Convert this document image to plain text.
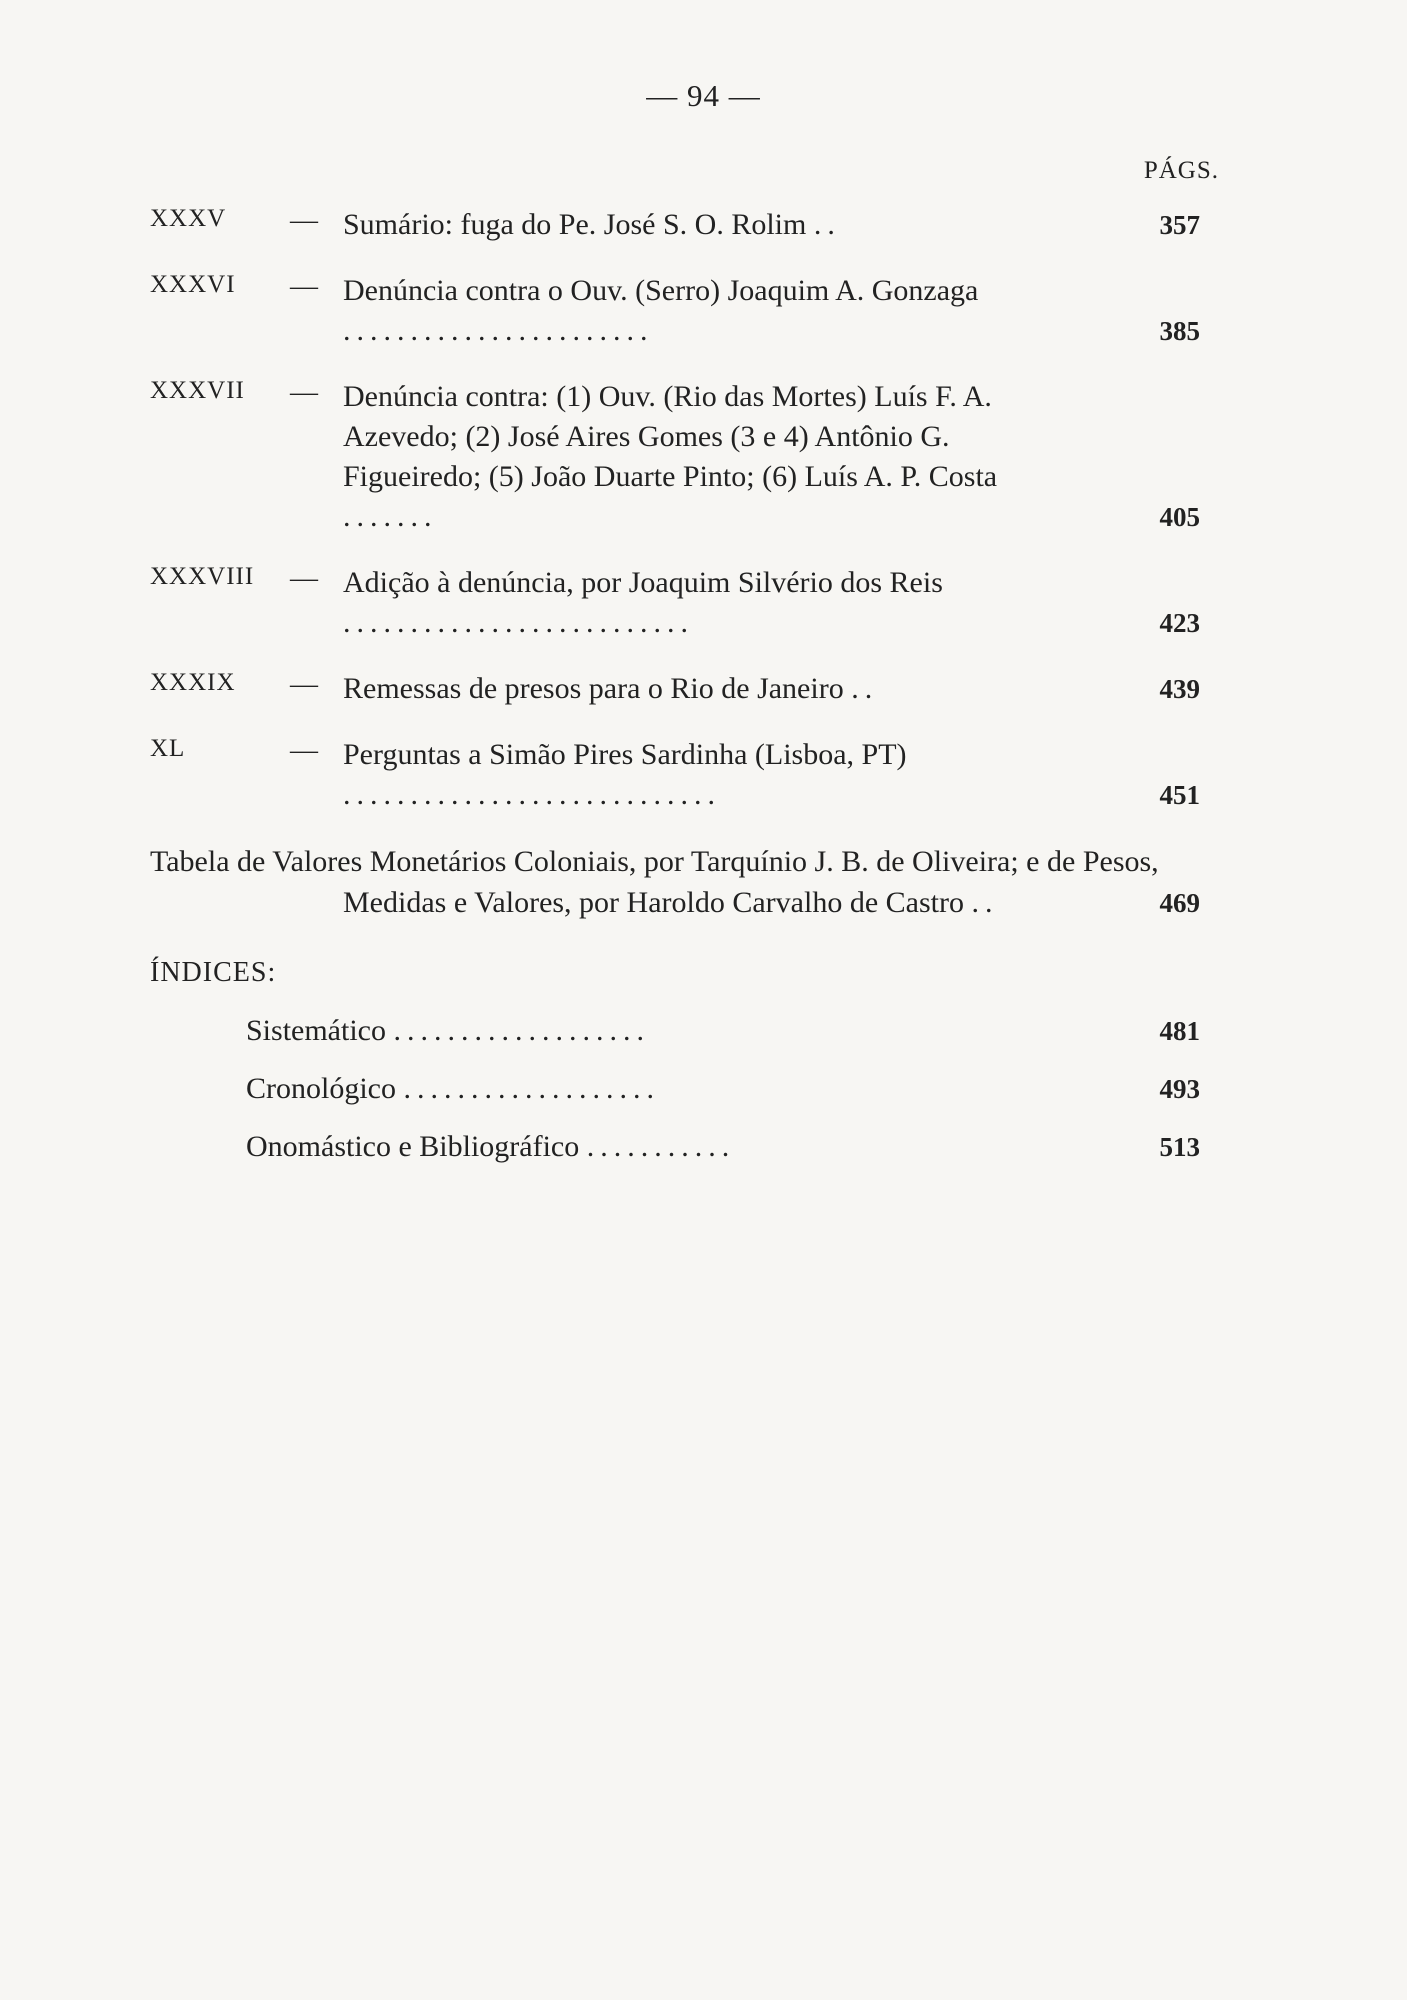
— 94 —
PÁGS.
XXXV — Sumário: fuga do Pe. José S. O. Rolim ..	357
XXXVI — Denúncia contra o Ouv. (Serro) Joaquim A. Gonzaga .......................	385
XXXVII — Denúncia contra: (1) Ouv. (Rio das Mortes) Luís F. A. Azevedo; (2) José Aires Gomes (3 e 4) Antônio G. Figueiredo; (5) João Duarte Pinto; (6) Luís A. P. Costa .......	405
XXXVIII — Adição à denúncia, por Joaquim Silvério dos Reis ..........................	423
XXXIX — Remessas de presos para o Rio de Janeiro ..	439
XL	— Perguntas a Simão Pires Sardinha (Lisboa, PT) ............................	451
Tabela de Valores Monetários Coloniais, por Tarquínio J. B. de Oliveira; e de Pesos, Medidas e Valores, por Haroldo Carvalho de Castro ..	469
ÍNDICES:
Sistemático ...................	481
Cronológico ...................	493
Onomástico e Bibliográfico ...........	513
